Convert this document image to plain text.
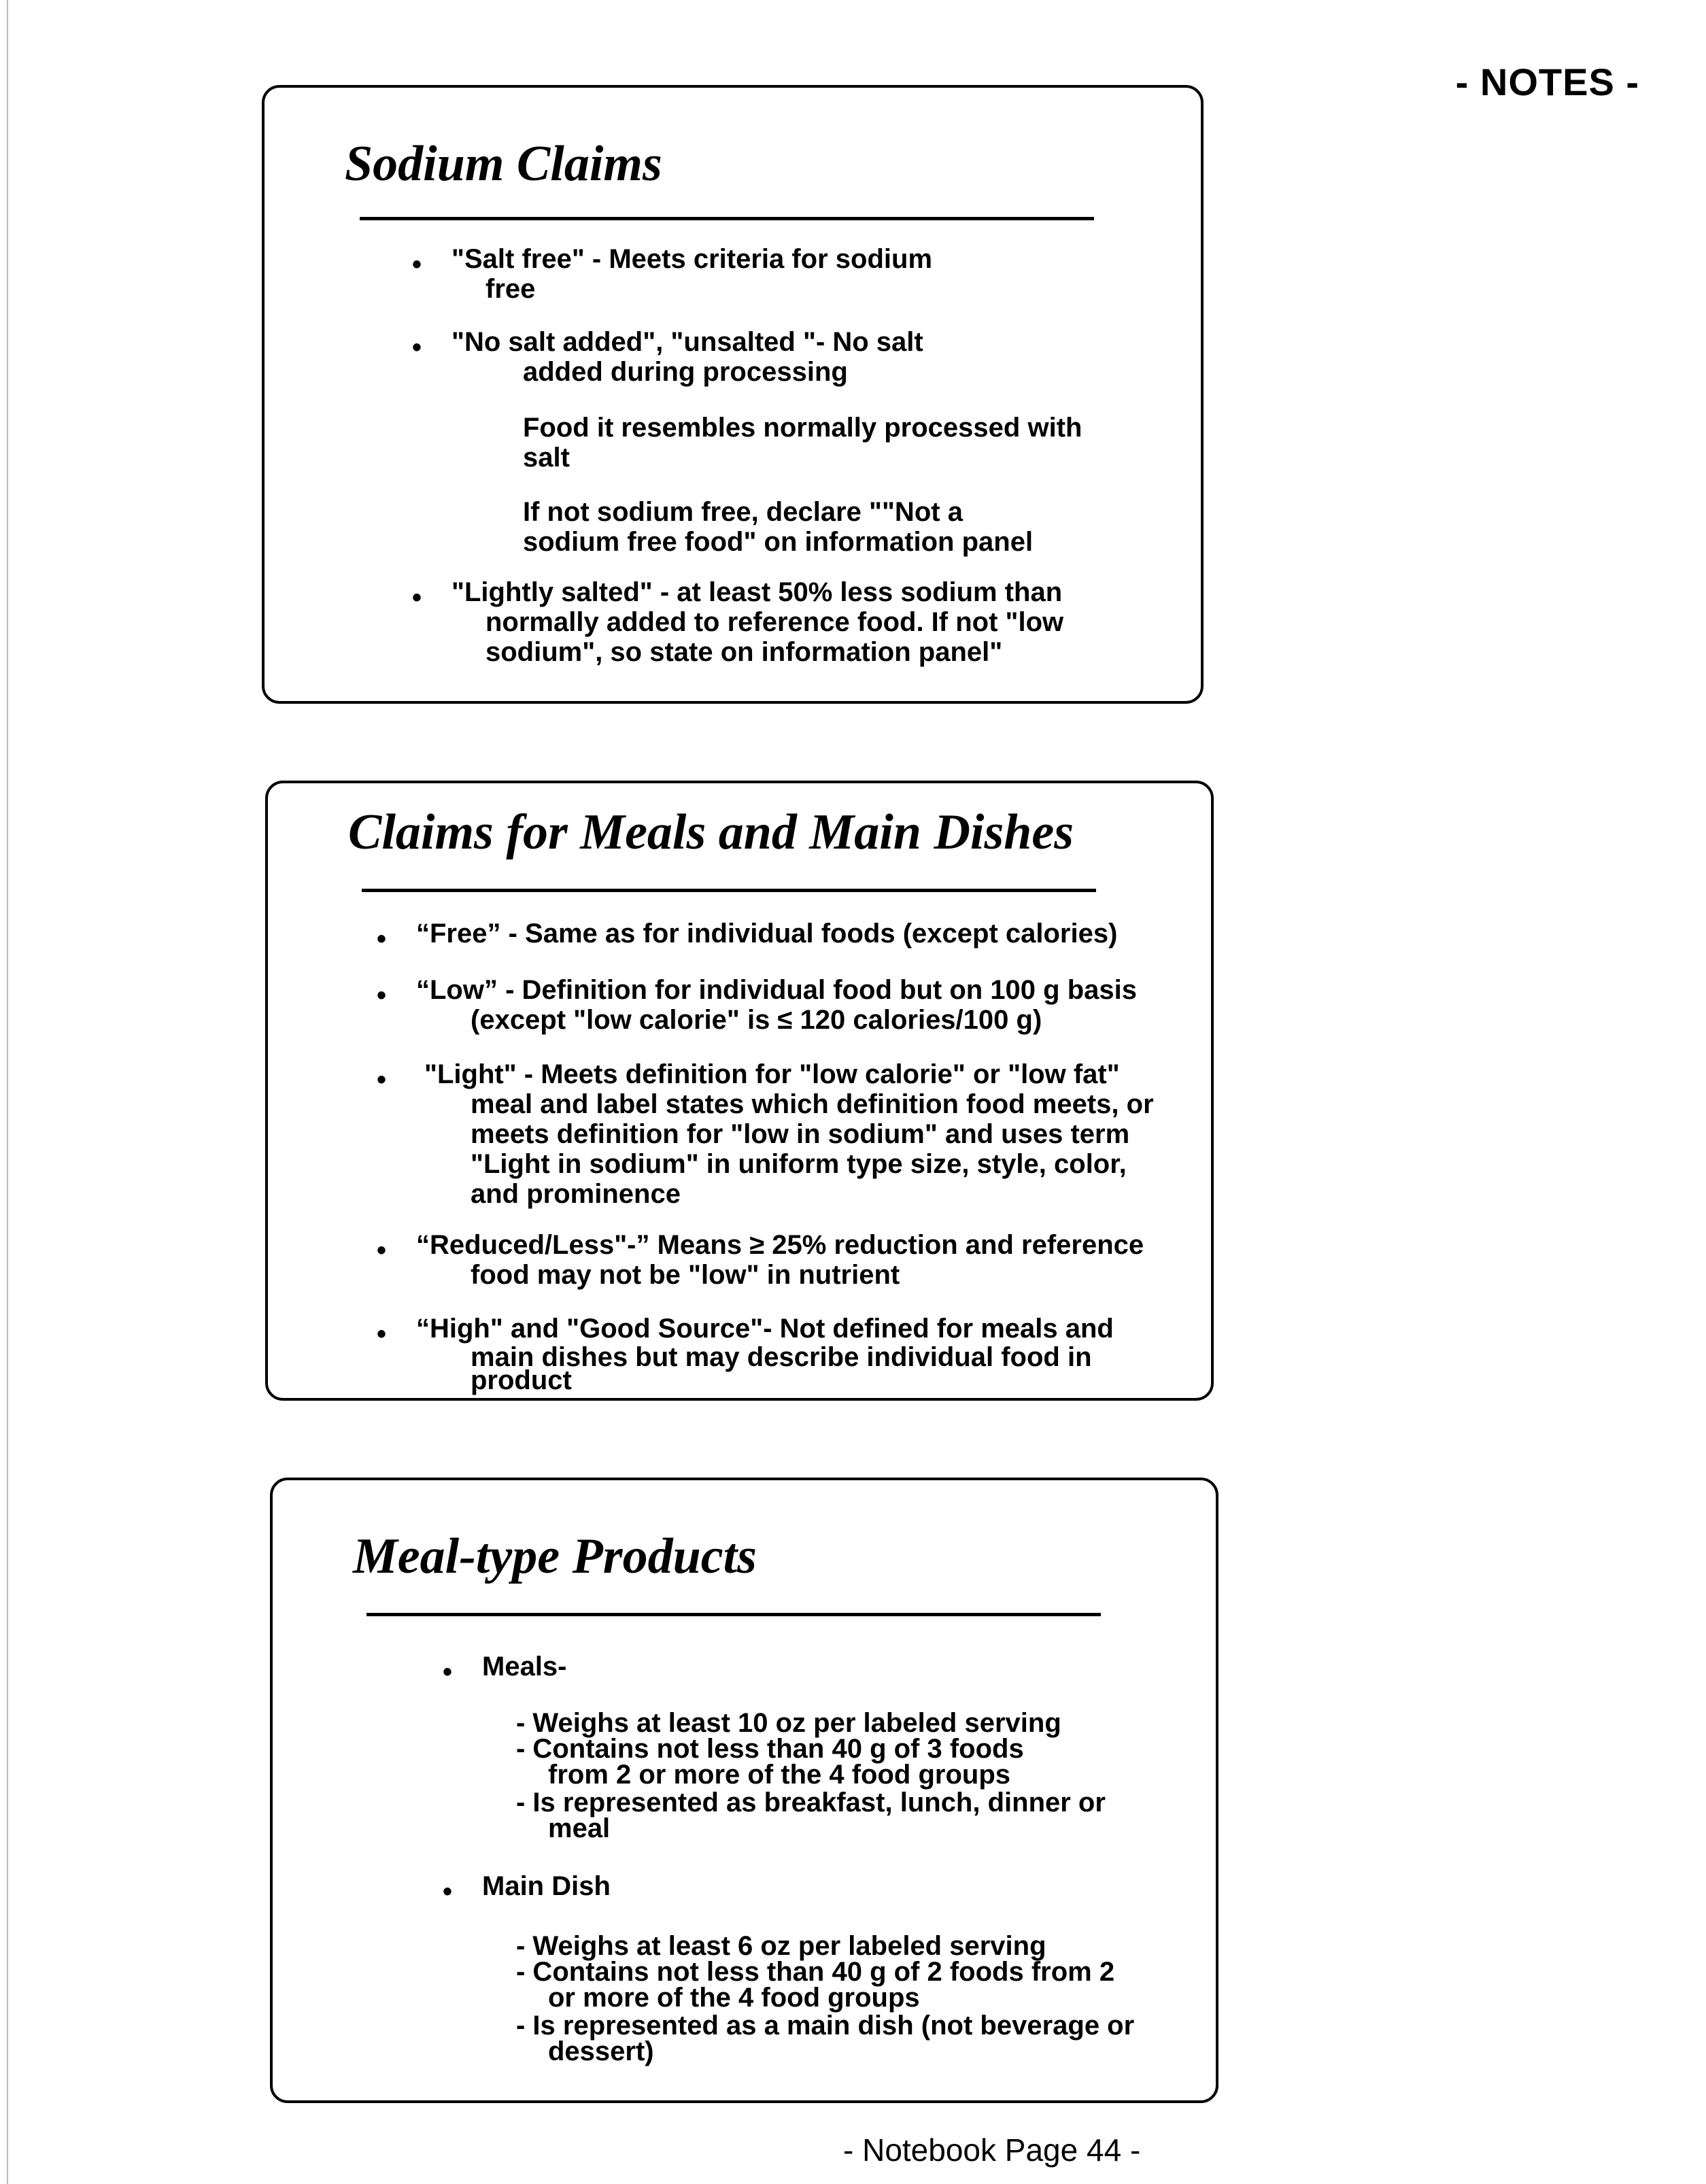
- NOTES -
Sodium Claims
• "Salt free" - Meets criteria for sodium

free

• "No salt added", "unsalted "- No salt

added during processing

Food it resembles normally processed with

salt

If not sodium free, declare ""Not a

sodium free food" on information panel

• "Lightly salted" - at least 50% less sodium than

normally added to reference food. If not "low

sodium", so state on information panel"

Claims for Meals and Main Dishes
• “Free” - Same as for individual foods (except calories)

• “Low” - Definition for individual food but on 100 g basis

(except "low calorie" is ≤ 120 calories/100 g)

• "Light" - Meets definition for "low calorie" or "low fat"

meal and label states which definition food meets, or

meets definition for "low in sodium" and uses term

"Light in sodium" in uniform type size, style, color,

and prominence

• “Reduced/Less"-” Means ≥ 25% reduction and reference

food may not be "low" in nutrient

• “High" and "Good Source"- Not defined for meals and

main dishes but may describe individual food in

product

Meal-type Products
• Meals-

- Weighs at least 10 oz per labeled serving

- Contains not less than 40 g of 3 foods

from 2 or more of the 4 food groups

- Is represented as breakfast, lunch, dinner or

meal

• Main Dish

- Weighs at least 6 oz per labeled serving

- Contains not less than 40 g of 2 foods from 2

or more of the 4 food groups

- Is represented as a main dish (not beverage or

dessert)

- Notebook Page 44 -
